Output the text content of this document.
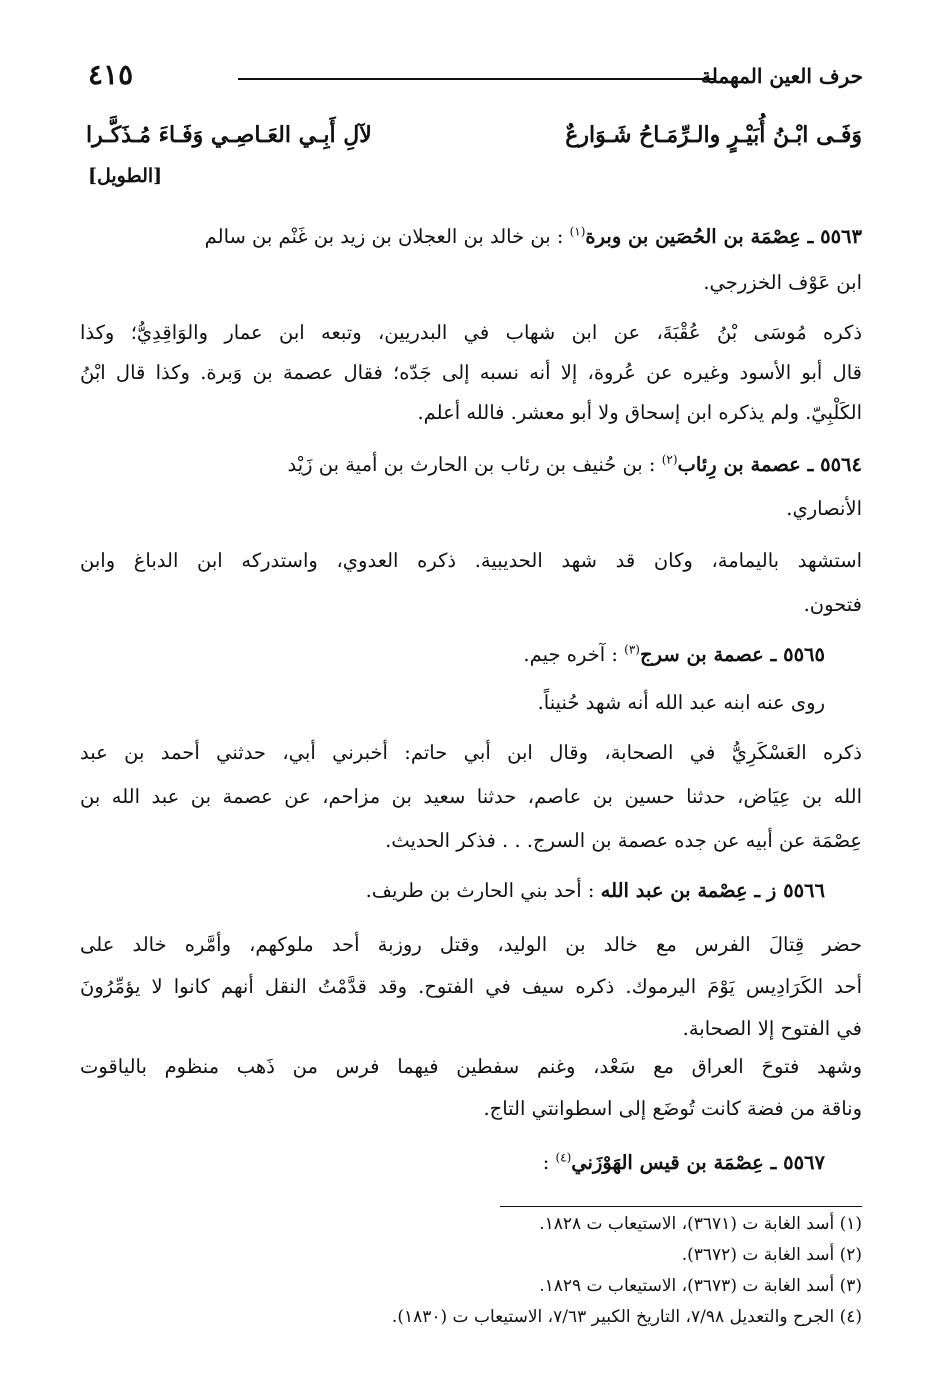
٤١٥	حرف العين المهملة
وَفَـى ابْـنُ أُبَيْـرٍ والـرِّمَـاحُ شَـوَارعٌ
لآلِ أَبِـي العَـاصِـي وَفَـاءَ مُـذَكَّـرا
[الطويل]
٥٥٦٣ ـ عِصْمَة بن الحُصَين بن وبرة$^{(١)}$ : بن خالد بن العجلان بن زيد بن غَنْم بن سالم
ابن عَوْف الخزرجي.
ذكره مُوسَى بْنُ عُقْبَةَ، عن ابن شهاب في البدريين، وتبعه ابن عمار والوَاقِدِيُّ؛ وكذا
قال أبو الأسود وغيره عن عُروة، إلا أنه نسبه إلى جَدّه؛ فقال عصمة بن وَبرة. وكذا قال ابْنُ
الكَلْبِيّ. ولم يذكره ابن إسحاق ولا أبو معشر. فالله أعلم.
٥٥٦٤ ـ عصمة بن رِئاب$^{(٢)}$ : بن حُنيف بن رئاب بن الحارث بن أمية بن زَيْد
الأنصاري.
استشهد باليمامة، وكان قد شهد الحديبية. ذكره العدوي، واستدركه ابن الدباغ وابن
فتحون.
٥٥٦٥ ـ عصمة بن سرج$^{(٣)}$ : آخره جيم.
روى عنه ابنه عبد الله أنه شهد حُنيناً.
ذكره العَسْكَرِيُّ في الصحابة، وقال ابن أبي حاتم: أخبرني أبي، حدثني أحمد بن عبد
الله بن عِيَاض، حدثنا حسين بن عاصم، حدثنا سعيد بن مزاحم، عن عصمة بن عبد الله بن
عِصْمَة عن أبيه عن جده عصمة بن السرج. . . فذكر الحديث.
٥٥٦٦ ز ـ عِصْمة بن عبد الله : أحد بني الحارث بن طريف.
حضر قِتالَ الفرس مع خالد بن الوليد، وقتل روزبة أحد ملوكهم، وأمَّره خالد على
أحد الكَرَادِيس يَوْمَ اليرموك. ذكره سيف في الفتوح. وقد قدَّمْتُ النقل أنهم كانوا لا يؤمِّرُونَ
في الفتوح إلا الصحابة.
وشهد فتوحَ العراق مع سَعْد، وغنم سفطين فيهما فرس من ذَهب منظوم بالياقوت
وناقة من فضة كانت تُوضَع إلى اسطوانتي التاج.
٥٥٦٧ ـ عِصْمَة بن قيس الهَوْزَني$^{(٤)}$ :
(١) أسد الغابة ت (٣٦٧١)، الاستيعاب ت ١٨٢٨.
(٢) أسد الغابة ت (٣٦٧٢).
(٣) أسد الغابة ت (٣٦٧٣)، الاستيعاب ت ١٨٢٩.
(٤) الجرح والتعديل ٧/٩٨، التاريخ الكبير ٧/٦٣، الاستيعاب ت (١٨٣٠).
